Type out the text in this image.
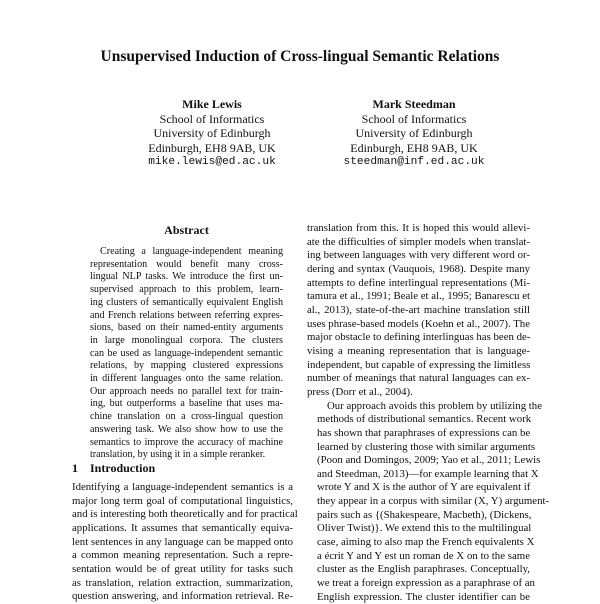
Unsupervised Induction of Cross-lingual Semantic Relations
Mike Lewis
School of Informatics
University of Edinburgh
Edinburgh, EH8 9AB, UK
mike.lewis@ed.ac.uk
Mark Steedman
School of Informatics
University of Edinburgh
Edinburgh, EH8 9AB, UK
steedman@inf.ed.ac.uk
Abstract
Creating a language-independent meaning
representation would benefit many cross-
lingual NLP tasks. We introduce the first un-
supervised approach to this problem, learn-
ing clusters of semantically equivalent English
and French relations between referring expres-
sions, based on their named-entity arguments
in large monolingual corpora. The clusters
can be used as language-independent semantic
relations, by mapping clustered expressions
in different languages onto the same relation.
Our approach needs no parallel text for train-
ing, but outperforms a baseline that uses ma-
chine translation on a cross-lingual question
answering task. We also show how to use the
semantics to improve the accuracy of machine
translation, by using it in a simple reranker.
1 Introduction
Identifying a language-independent semantics is a
major long term goal of computational linguistics,
and is interesting both theoretically and for practical
applications. It assumes that semantically equiva-
lent sentences in any language can be mapped onto
a common meaning representation. Such a repre-
sentation would be of great utility for tasks such
as translation, relation extraction, summarization,
question answering, and information retrieval. Re-

translation from this. It is hoped this would allevi-
ate the difficulties of simpler models when translat-
ing between languages with very different word or-
dering and syntax (Vauquois, 1968). Despite many
attempts to define interlingual representations (Mi-
tamura et al., 1991; Beale et al., 1995; Banarescu et
al., 2013), state-of-the-art machine translation still
uses phrase-based models (Koehn et al., 2007). The
major obstacle to defining interlinguas has been de-
vising a meaning representation that is language-
independent, but capable of expressing the limitless
number of meanings that natural languages can ex-
press (Dorr et al., 2004).

Our approach avoids this problem by utilizing the
methods of distributional semantics. Recent work
has shown that paraphrases of expressions can be
learned by clustering those with similar arguments
(Poon and Domingos, 2009; Yao et al., 2011; Lewis
and Steedman, 2013)—for example learning that X
wrote Y and X is the author of Y are equivalent if
they appear in a corpus with similar (X, Y) argument-
pairs such as {(Shakespeare, Macbeth), (Dickens,
Oliver Twist)}. We extend this to the multilingual
case, aiming to also map the French equivalents X
a écrit Y and Y est un roman de X on to the same
cluster as the English paraphrases. Conceptually,
we treat a foreign expression as a paraphrase of an
English expression. The cluster identifier can be
